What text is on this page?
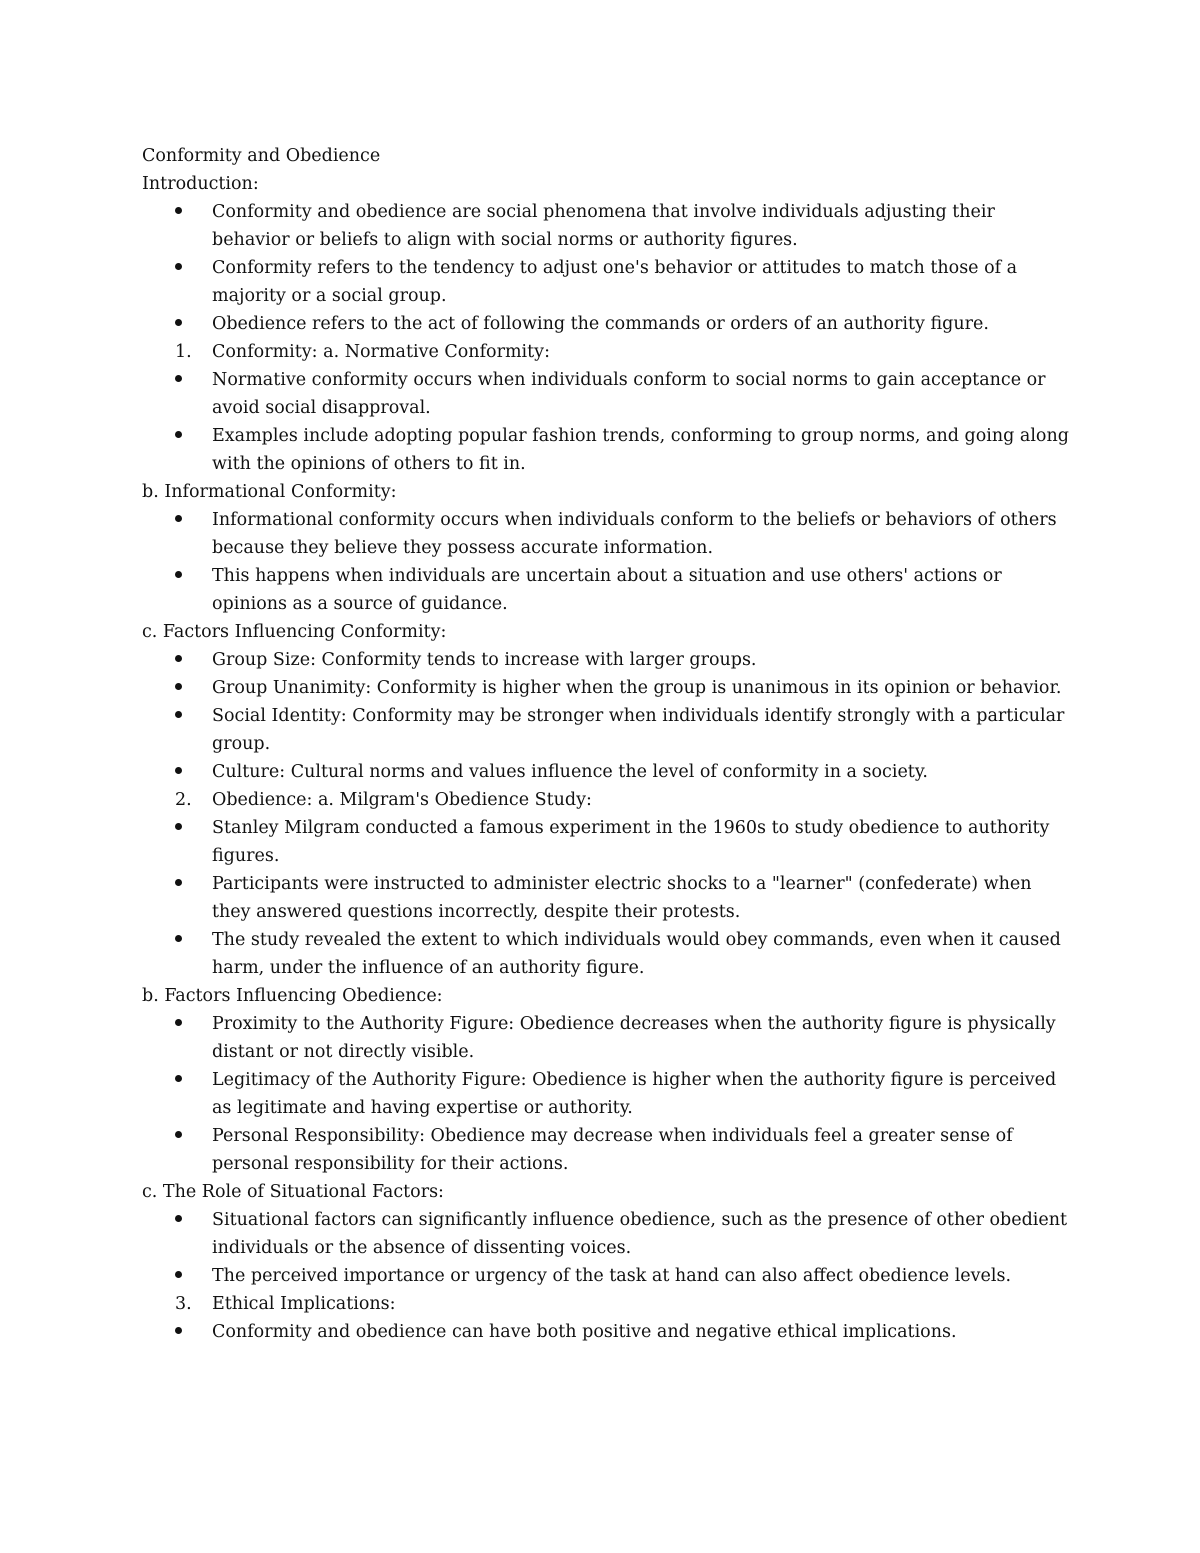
Conformity and Obedience
Introduction:
Conformity and obedience are social phenomena that involve individuals adjusting their behavior or beliefs to align with social norms or authority figures.
Conformity refers to the tendency to adjust one's behavior or attitudes to match those of a majority or a social group.
Obedience refers to the act of following the commands or orders of an authority figure.
1. Conformity: a. Normative Conformity:
Normative conformity occurs when individuals conform to social norms to gain acceptance or avoid social disapproval.
Examples include adopting popular fashion trends, conforming to group norms, and going along with the opinions of others to fit in.
b. Informational Conformity:
Informational conformity occurs when individuals conform to the beliefs or behaviors of others because they believe they possess accurate information.
This happens when individuals are uncertain about a situation and use others' actions or opinions as a source of guidance.
c. Factors Influencing Conformity:
Group Size: Conformity tends to increase with larger groups.
Group Unanimity: Conformity is higher when the group is unanimous in its opinion or behavior.
Social Identity: Conformity may be stronger when individuals identify strongly with a particular group.
Culture: Cultural norms and values influence the level of conformity in a society.
2. Obedience: a. Milgram's Obedience Study:
Stanley Milgram conducted a famous experiment in the 1960s to study obedience to authority figures.
Participants were instructed to administer electric shocks to a "learner" (confederate) when they answered questions incorrectly, despite their protests.
The study revealed the extent to which individuals would obey commands, even when it caused harm, under the influence of an authority figure.
b. Factors Influencing Obedience:
Proximity to the Authority Figure: Obedience decreases when the authority figure is physically distant or not directly visible.
Legitimacy of the Authority Figure: Obedience is higher when the authority figure is perceived as legitimate and having expertise or authority.
Personal Responsibility: Obedience may decrease when individuals feel a greater sense of personal responsibility for their actions.
c. The Role of Situational Factors:
Situational factors can significantly influence obedience, such as the presence of other obedient individuals or the absence of dissenting voices.
The perceived importance or urgency of the task at hand can also affect obedience levels.
3. Ethical Implications:
Conformity and obedience can have both positive and negative ethical implications.
